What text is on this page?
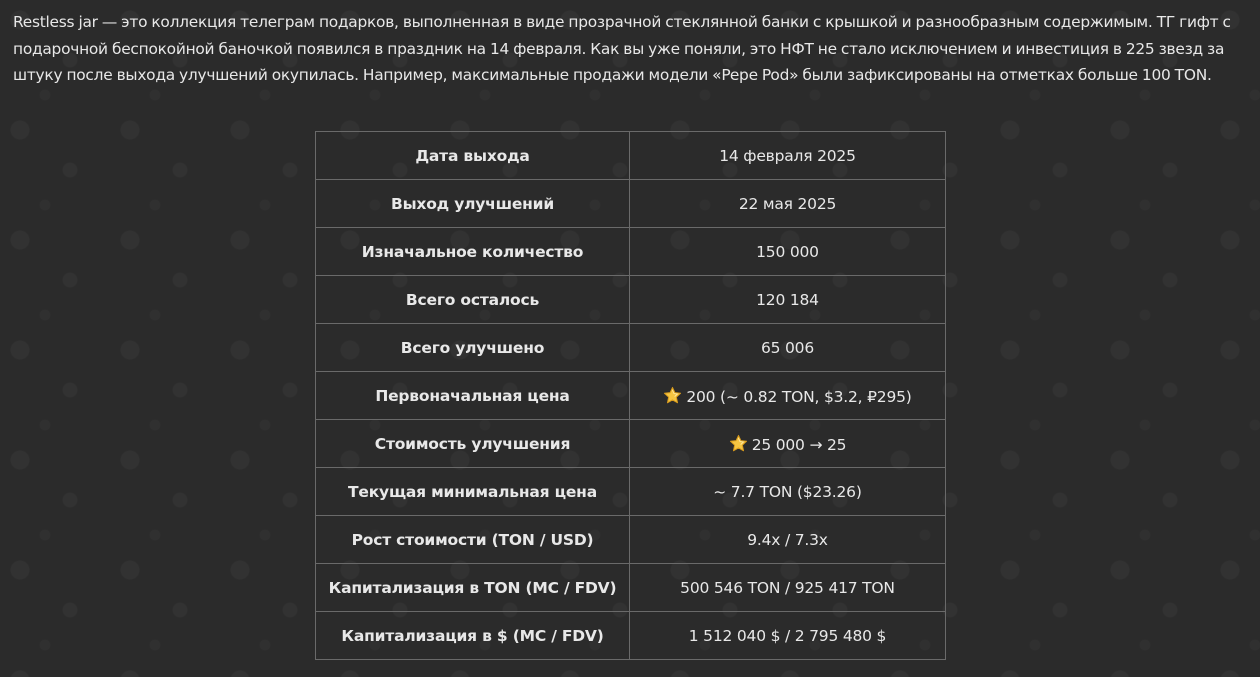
Restless jar — это коллекция телеграм подарков, выполненная в виде прозрачной стеклянной банки с крышкой и разнообразным содержимым. ТГ гифт с подарочной беспокойной баночкой появился в праздник на 14 февраля. Как вы уже поняли, это НФТ не стало исключением и инвестиция в 225 звезд за штуку после выхода улучшений окупилась. Например, максимальные продажи модели «Pepe Pod» были зафиксированы на отметках больше 100 TON.

Дата выхода	14 февраля 2025
Выход улучшений	22 мая 2025
Изначальное количество	150 000
Всего осталось	120 184
Всего улучшено	65 006
Первоначальная цена	200 (~ 0.82 TON, $3.2, ₽295)
Стоимость улучшения	25 000 → 25
Текущая минимальная цена	~ 7.7 TON ($23.26)
Рост стоимости (TON / USD)	9.4x / 7.3x
Капитализация в TON (MC / FDV)	500 546 TON / 925 417 TON
Капитализация в $ (MC / FDV)	1 512 040 $ / 2 795 480 $
